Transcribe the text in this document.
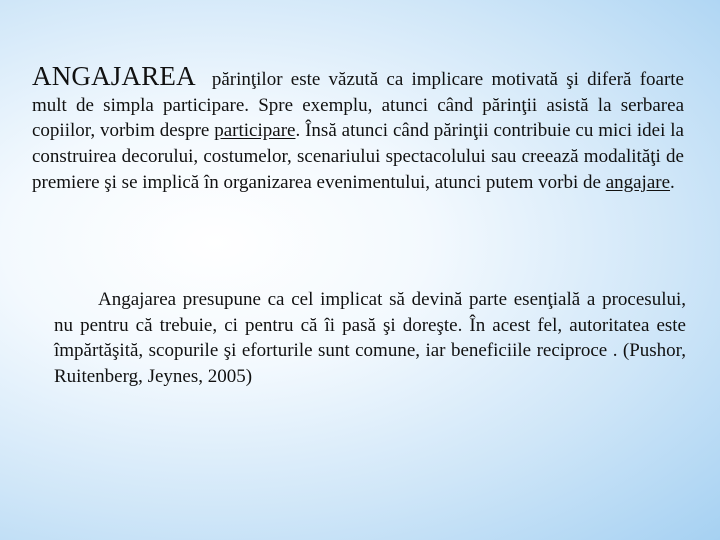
ANGAJAREA părinţilor este văzută ca implicare motivată şi diferă foarte mult de simpla participare. Spre exemplu, atunci când părinţii asistă la serbarea copiilor, vorbim despre participare. Însă atunci când părinţii contribuie cu mici idei la construirea decorului, costumelor, scenariului spectacolului sau creează modalităţi de premiere şi se implică în organizarea evenimentului, atunci putem vorbi de angajare.

Angajarea presupune ca cel implicat să devină parte esenţială a procesului, nu pentru că trebuie, ci pentru că îi pasă şi doreşte. În acest fel, autoritatea este împărtăşită, scopurile şi eforturile sunt comune, iar beneficiile reciproce . (Pushor, Ruitenberg, Jeynes, 2005)
